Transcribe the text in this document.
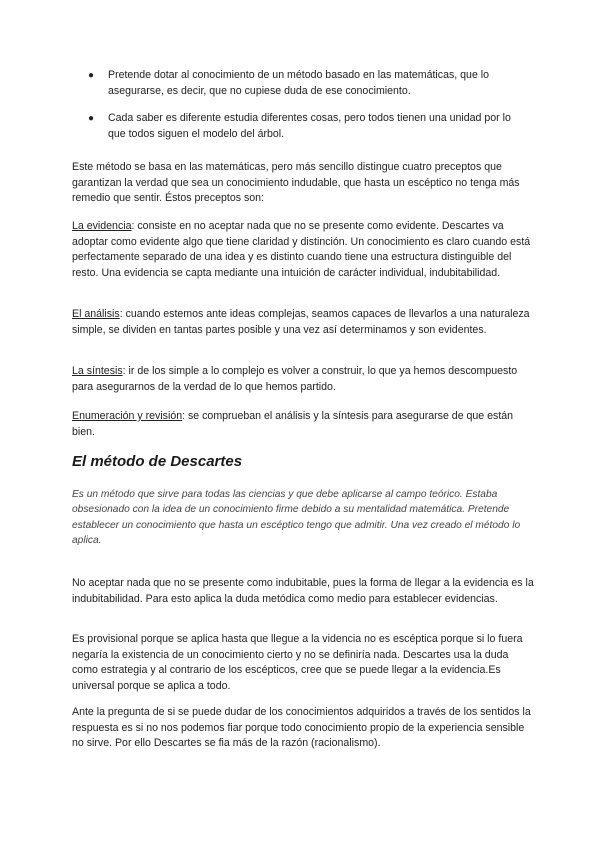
● Pretende dotar al conocimiento de un método basado en las matemáticas, que lo asegurarse, es decir, que no cupiese duda de ese conocimiento.
● Cada saber es diferente estudia diferentes cosas, pero todos tienen una unidad por lo que todos siguen el modelo del árbol.

Este método se basa en las matemáticas, pero más sencillo distingue cuatro preceptos que garantizan la verdad que sea un conocimiento indudable, que hasta un escéptico no tenga más remedio que sentir. Éstos preceptos son:

La evidencia: consiste en no aceptar nada que no se presente como evidente. Descartes va adoptar como evidente algo que tiene claridad y distinción. Un conocimiento es claro cuando está perfectamente separado de una idea y es distinto cuando tiene una estructura distinguible del resto. Una evidencia se capta mediante una intuición de carácter individual, indubitabilidad.

El análisis: cuando estemos ante ideas complejas, seamos capaces de llevarlos a una naturaleza simple, se dividen en tantas partes posible y una vez así determinamos y son evidentes.

La síntesis: ir de los simple a lo complejo es volver a construir, lo que ya hemos descompuesto para asegurarnos de la verdad de lo que hemos partido.

Enumeración y revisión: se comprueban el análisis y la síntesis para asegurarse de que están bien.

El método de Descartes

Es un método que sirve para todas las ciencias y que debe aplicarse al campo teórico. Estaba obsesionado con la idea de un conocimiento firme debido a su mentalidad matemática. Pretende establecer un conocimiento que hasta un escéptico tengo que admitir. Una vez creado el método lo aplica.

No aceptar nada que no se presente como indubitable, pues la forma de llegar a la evidencia es la indubitabilidad. Para esto aplica la duda metódica como medio para establecer evidencias.

Es provisional porque se aplica hasta que llegue a la videncia no es escéptica porque si lo fuera negaría la existencia de un conocimiento cierto y no se definiría nada. Descartes usa la duda como estrategia y al contrario de los escépticos, cree que se puede llegar a la evidencia.Es universal porque se aplica a todo.

Ante la pregunta de si se puede dudar de los conocimientos adquiridos a través de los sentidos la respuesta es si no nos podemos fiar porque todo conocimiento propio de la experiencia sensible no sirve. Por ello Descartes se fia más de la razón (racionalismo).
